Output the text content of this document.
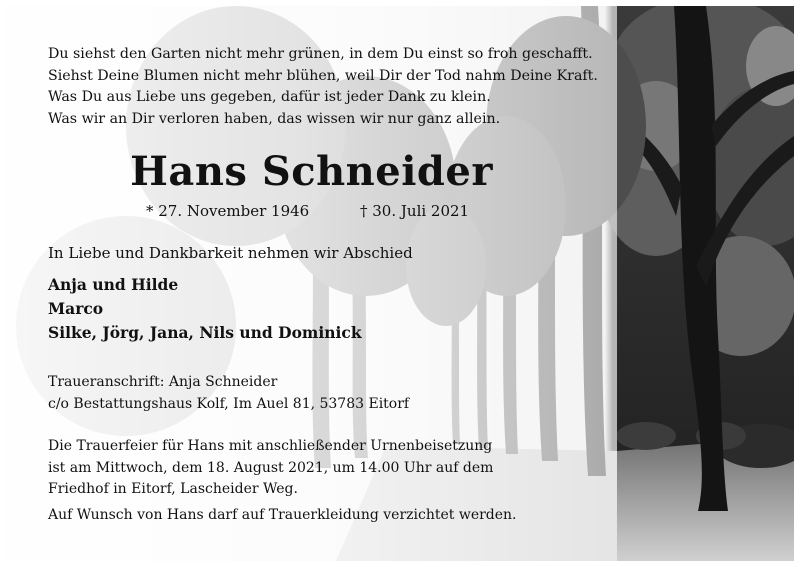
Du siehst den Garten nicht mehr grünen, in dem Du einst so froh geschafft.
Siehst Deine Blumen nicht mehr blühen, weil Dir der Tod nahm Deine Kraft.
Was Du aus Liebe uns gegeben, dafür ist jeder Dank zu klein.
Was wir an Dir verloren haben, das wissen wir nur ganz allein.
Hans Schneider
* 27. November 1946	† 30. Juli 2021
In Liebe und Dankbarkeit nehmen wir Abschied
Anja und Hilde
Marco
Silke, Jörg, Jana, Nils und Dominick
Traueranschrift: Anja Schneider
c/o Bestattungshaus Kolf, Im Auel 81, 53783 Eitorf
Die Trauerfeier für Hans mit anschließender Urnenbeisetzung
ist am Mittwoch, dem 18. August 2021, um 14.00 Uhr auf dem
Friedhof in Eitorf, Lascheider Weg.
Auf Wunsch von Hans darf auf Trauerkleidung verzichtet werden.
